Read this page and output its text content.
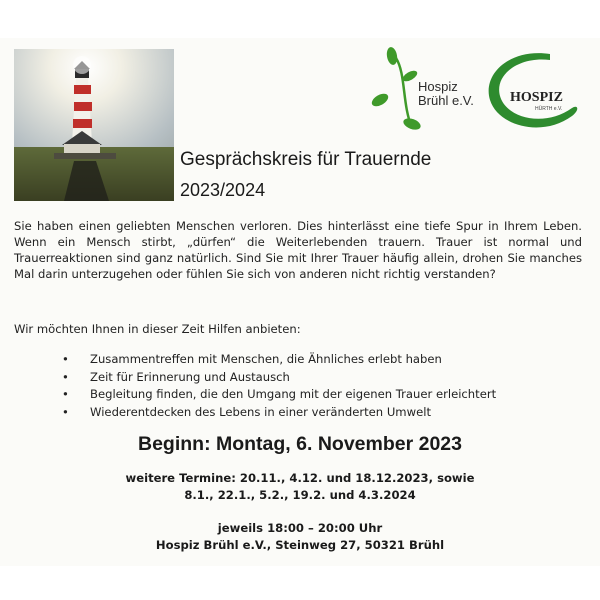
Hospiz
Brühl e.V.	HOSPIZ
HÜRTH e.V.
Gesprächskreis für Trauernde
2023/2024

Sie haben einen geliebten Menschen verloren. Dies hinterlässt eine tiefe Spur in Ihrem Leben. Wenn ein Mensch stirbt, „dürfen“ die Weiterlebenden trauern. Trauer ist normal und Trauerreaktionen sind ganz natürlich. Sind Sie mit Ihrer Trauer häufig allein, drohen Sie manches Mal darin unterzugehen oder fühlen Sie sich von anderen nicht richtig verstanden?

Wir möchten Ihnen in dieser Zeit Hilfen anbieten:

• Zusammentreffen mit Menschen, die Ähnliches erlebt haben
• Zeit für Erinnerung und Austausch
• Begleitung finden, die den Umgang mit der eigenen Trauer erleichtert
• Wiederentdecken des Lebens in einer veränderten Umwelt
Beginn: Montag, 6. November 2023
weitere Termine: 20.11., 4.12. und 18.12.2023, sowie
8.1., 22.1., 5.2., 19.2. und 4.3.2024
jeweils 18:00 – 20:00 Uhr
Hospiz Brühl e.V., Steinweg 27, 50321 Brühl
